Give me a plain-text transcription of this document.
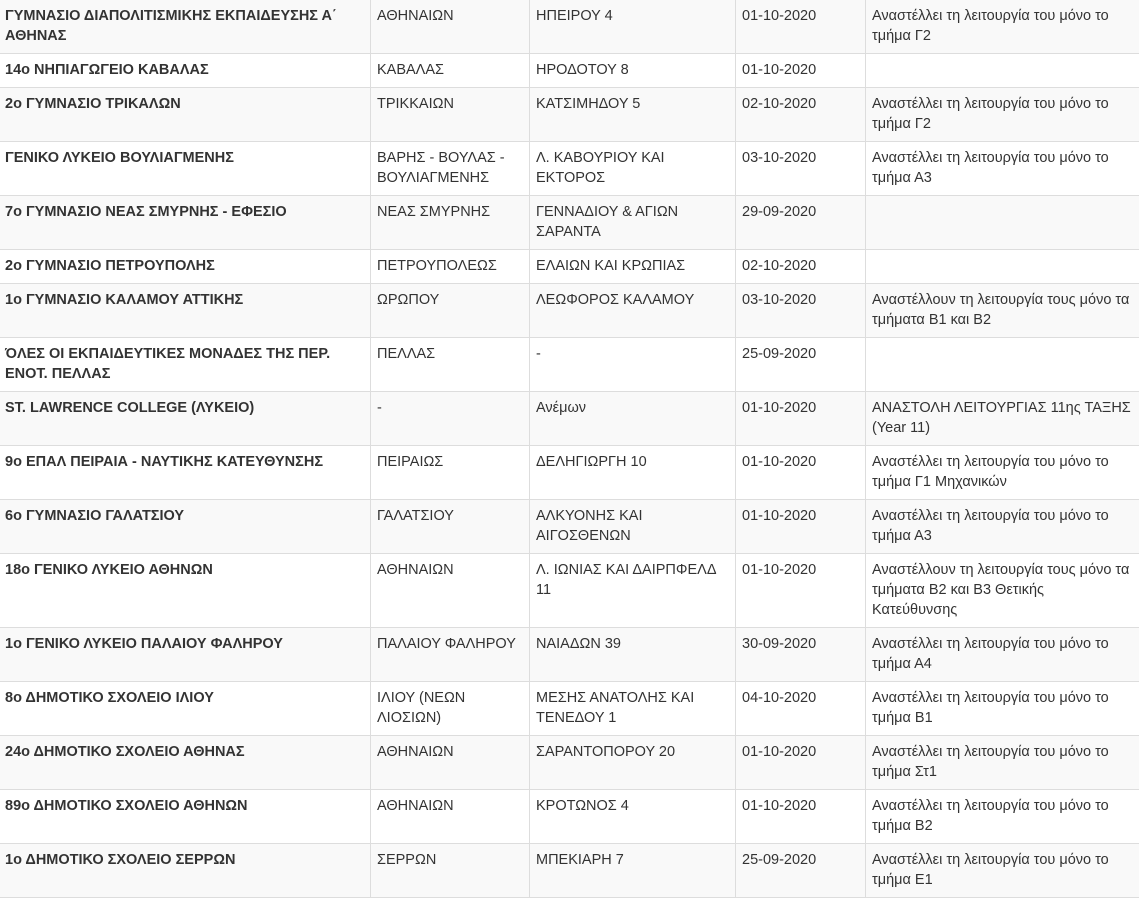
ΓΥΜΝΑΣΙΟ ΔΙΑΠΟΛΙΤΙΣΜΙΚΗΣ ΕΚΠΑΙΔΕΥΣΗΣ Α΄ ΑΘΗΝΑΣ	ΑΘΗΝΑΙΩΝ	ΗΠΕΙΡΟΥ 4	01-10-2020	Αναστέλλει τη λειτουργία του μόνο το τμήμα Γ2
14ο ΝΗΠΙΑΓΩΓΕΙΟ ΚΑΒΑΛΑΣ	ΚΑΒΑΛΑΣ	ΗΡΟΔΟΤΟΥ 8	01-10-2020	
2ο ΓΥΜΝΑΣΙΟ ΤΡΙΚΑΛΩΝ	ΤΡΙΚΚΑΙΩΝ	ΚΑΤΣΙΜΗΔΟΥ 5	02-10-2020	Αναστέλλει τη λειτουργία του μόνο το τμήμα Γ2
ΓΕΝΙΚΟ ΛΥΚΕΙΟ ΒΟΥΛΙΑΓΜΕΝΗΣ	ΒΑΡΗΣ - ΒΟΥΛΑΣ - ΒΟΥΛΙΑΓΜΕΝΗΣ	Λ. ΚΑΒΟΥΡΙΟΥ ΚΑΙ ΕΚΤΟΡΟΣ	03-10-2020	Αναστέλλει τη λειτουργία του μόνο το τμήμα Α3
7ο ΓΥΜΝΑΣΙΟ ΝΕΑΣ ΣΜΥΡΝΗΣ - ΕΦΕΣΙΟ	ΝΕΑΣ ΣΜΥΡΝΗΣ	ΓΕΝΝΑΔΙΟΥ & ΑΓΙΩΝ ΣΑΡΑΝΤΑ	29-09-2020	
2ο ΓΥΜΝΑΣΙΟ ΠΕΤΡΟΥΠΟΛΗΣ	ΠΕΤΡΟΥΠΟΛΕΩΣ	ΕΛΑΙΩΝ ΚΑΙ ΚΡΩΠΙΑΣ	02-10-2020	
1ο ΓΥΜΝΑΣΙΟ ΚΑΛΑΜΟΥ ΑΤΤΙΚΗΣ	ΩΡΩΠΟΥ	ΛΕΩΦΟΡΟΣ ΚΑΛΑΜΟΥ	03-10-2020	Αναστέλλουν τη λειτουργία τους μόνο τα τμήματα Β1 και Β2
ΌΛΕΣ ΟΙ ΕΚΠΑΙΔΕΥΤΙΚΕΣ ΜΟΝΑΔΕΣ ΤΗΣ ΠΕΡ. ΕΝΟΤ. ΠΕΛΛΑΣ	ΠΕΛΛΑΣ	-	25-09-2020	
ST. LAWRENCE COLLEGE (ΛΥΚΕΙΟ)	-	Ανέμων	01-10-2020	ΑΝΑΣΤΟΛΗ ΛΕΙΤΟΥΡΓΙΑΣ 11ης ΤΑΞΗΣ (Year 11)
9ο ΕΠΑΛ ΠΕΙΡΑΙΑ - ΝΑΥΤΙΚΗΣ ΚΑΤΕΥΘΥΝΣΗΣ	ΠΕΙΡΑΙΩΣ	ΔΕΛΗΓΙΩΡΓΗ 10	01-10-2020	Αναστέλλει τη λειτουργία του μόνο το τμήμα Γ1 Μηχανικών
6ο ΓΥΜΝΑΣΙΟ ΓΑΛΑΤΣΙΟΥ	ΓΑΛΑΤΣΙΟΥ	ΑΛΚΥΟΝΗΣ ΚΑΙ ΑΙΓΟΣΘΕΝΩΝ	01-10-2020	Αναστέλλει τη λειτουργία του μόνο το τμήμα Α3
18ο ΓΕΝΙΚΟ ΛΥΚΕΙΟ ΑΘΗΝΩΝ	ΑΘΗΝΑΙΩΝ	Λ. ΙΩΝΙΑΣ ΚΑΙ ΔΑΙΡΠΦΕΛΔ 11	01-10-2020	Αναστέλλουν τη λειτουργία τους μόνο τα τμήματα Β2 και Β3 Θετικής Κατεύθυνσης
1ο ΓΕΝΙΚΟ ΛΥΚΕΙΟ ΠΑΛΑΙΟΥ ΦΑΛΗΡΟΥ	ΠΑΛΑΙΟΥ ΦΑΛΗΡΟΥ	ΝΑΙΑΔΩΝ 39	30-09-2020	Αναστέλλει τη λειτουργία του μόνο το τμήμα Α4
8ο ΔΗΜΟΤΙΚΟ ΣΧΟΛΕΙΟ ΙΛΙΟΥ	ΙΛΙΟΥ (ΝΕΩΝ ΛΙΟΣΙΩΝ)	ΜΕΣΗΣ ΑΝΑΤΟΛΗΣ ΚΑΙ ΤΕΝΕΔΟΥ 1	04-10-2020	Αναστέλλει τη λειτουργία του μόνο το τμήμα Β1
24ο ΔΗΜΟΤΙΚΟ ΣΧΟΛΕΙΟ ΑΘΗΝΑΣ	ΑΘΗΝΑΙΩΝ	ΣΑΡΑΝΤΟΠΟΡΟΥ 20	01-10-2020	Αναστέλλει τη λειτουργία του μόνο το τμήμα Στ1
89ο ΔΗΜΟΤΙΚΟ ΣΧΟΛΕΙΟ ΑΘΗΝΩΝ	ΑΘΗΝΑΙΩΝ	ΚΡΟΤΩΝΟΣ 4	01-10-2020	Αναστέλλει τη λειτουργία του μόνο το τμήμα Β2
1ο ΔΗΜΟΤΙΚΟ ΣΧΟΛΕΙΟ ΣΕΡΡΩΝ	ΣΕΡΡΩΝ	ΜΠΕΚΙΑΡΗ 7	25-09-2020	Αναστέλλει τη λειτουργία του μόνο το τμήμα Ε1
